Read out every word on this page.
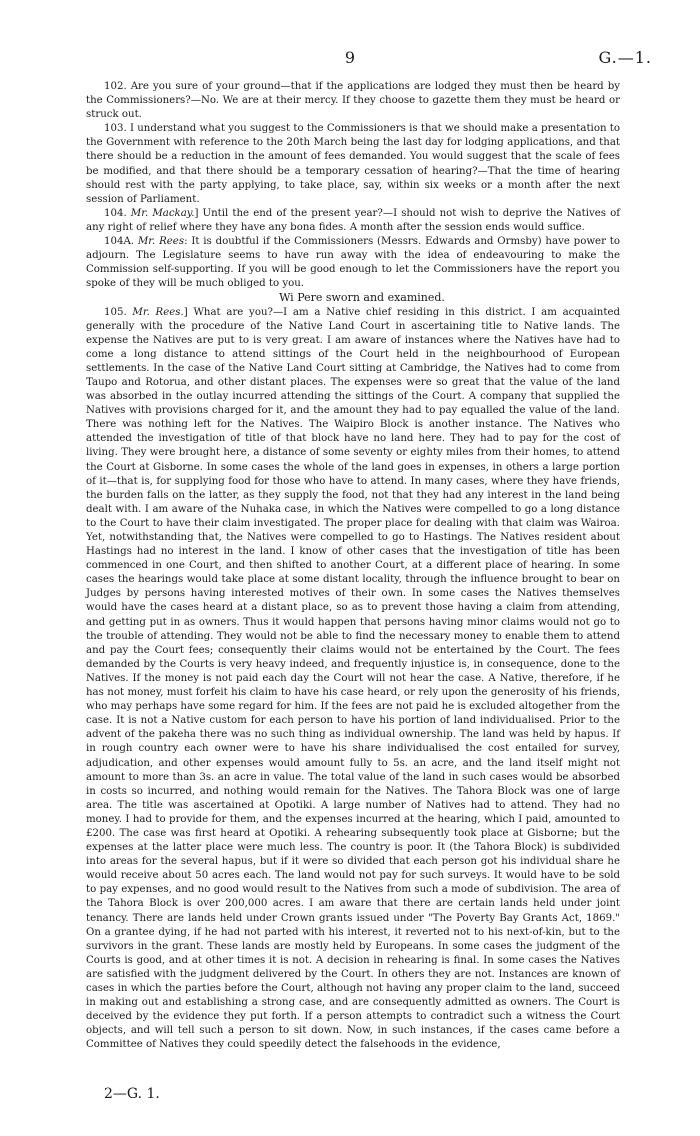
9	G.—1.

102. Are you sure of your ground—that if the applications are lodged they must then be heard by the Commissioners?—No. We are at their mercy. If they choose to gazette them they must be heard or struck out.

103. I understand what you suggest to the Commissioners is that we should make a presentation to the Government with reference to the 20th March being the last day for lodging applications, and that there should be a reduction in the amount of fees demanded. You would suggest that the scale of fees be modified, and that there should be a temporary cessation of hearing?—That the time of hearing should rest with the party applying, to take place, say, within six weeks or a month after the next session of Parliament.

104. Mr. Mackay.] Until the end of the present year?—I should not wish to deprive the Natives of any right of relief where they have any bona fides. A month after the session ends would suffice.

104A. Mr. Rees: It is doubtful if the Commissioners (Messrs. Edwards and Ormsby) have power to adjourn. The Legislature seems to have run away with the idea of endeavouring to make the Commission self-supporting. If you will be good enough to let the Commissioners have the report you spoke of they will be much obliged to you.

Wi Pere sworn and examined.

105. Mr. Rees.] What are you?—I am a Native chief residing in this district. I am acquainted generally with the procedure of the Native Land Court in ascertaining title to Native lands. The expense the Natives are put to is very great. I am aware of instances where the Natives have had to come a long distance to attend sittings of the Court held in the neighbourhood of European settlements. In the case of the Native Land Court sitting at Cambridge, the Natives had to come from Taupo and Rotorua, and other distant places. The expenses were so great that the value of the land was absorbed in the outlay incurred attending the sittings of the Court. A company that supplied the Natives with provisions charged for it, and the amount they had to pay equalled the value of the land. There was nothing left for the Natives. The Waipiro Block is another instance. The Natives who attended the investigation of title of that block have no land here. They had to pay for the cost of living. They were brought here, a distance of some seventy or eighty miles from their homes, to attend the Court at Gisborne. In some cases the whole of the land goes in expenses, in others a large portion of it—that is, for supplying food for those who have to attend. In many cases, where they have friends, the burden falls on the latter, as they supply the food, not that they had any interest in the land being dealt with. I am aware of the Nuhaka case, in which the Natives were compelled to go a long distance to the Court to have their claim investigated. The proper place for dealing with that claim was Wairoa. Yet, notwithstanding that, the Natives were compelled to go to Hastings. The Natives resident about Hastings had no interest in the land. I know of other cases that the investigation of title has been commenced in one Court, and then shifted to another Court, at a different place of hearing. In some cases the hearings would take place at some distant locality, through the influence brought to bear on Judges by persons having interested motives of their own. In some cases the Natives themselves would have the cases heard at a distant place, so as to prevent those having a claim from attending, and getting put in as owners. Thus it would happen that persons having minor claims would not go to the trouble of attending. They would not be able to find the necessary money to enable them to attend and pay the Court fees; consequently their claims would not be entertained by the Court. The fees demanded by the Courts is very heavy indeed, and frequently injustice is, in consequence, done to the Natives. If the money is not paid each day the Court will not hear the case. A Native, therefore, if he has not money, must forfeit his claim to have his case heard, or rely upon the generosity of his friends, who may perhaps have some regard for him. If the fees are not paid he is excluded altogether from the case. It is not a Native custom for each person to have his portion of land individualised. Prior to the advent of the pakeha there was no such thing as individual ownership. The land was held by hapus. If in rough country each owner were to have his share individualised the cost entailed for survey, adjudication, and other expenses would amount fully to 5s. an acre, and the land itself might not amount to more than 3s. an acre in value. The total value of the land in such cases would be absorbed in costs so incurred, and nothing would remain for the Natives. The Tahora Block was one of large area. The title was ascertained at Opotiki. A large number of Natives had to attend. They had no money. I had to provide for them, and the expenses incurred at the hearing, which I paid, amounted to £200. The case was first heard at Opotiki. A rehearing subsequently took place at Gisborne; but the expenses at the latter place were much less. The country is poor. It (the Tahora Block) is subdivided into areas for the several hapus, but if it were so divided that each person got his individual share he would receive about 50 acres each. The land would not pay for such surveys. It would have to be sold to pay expenses, and no good would result to the Natives from such a mode of subdivision. The area of the Tahora Block is over 200,000 acres. I am aware that there are certain lands held under joint tenancy. There are lands held under Crown grants issued under "The Poverty Bay Grants Act, 1869." On a grantee dying, if he had not parted with his interest, it reverted not to his next-of-kin, but to the survivors in the grant. These lands are mostly held by Europeans. In some cases the judgment of the Courts is good, and at other times it is not. A decision in rehearing is final. In some cases the Natives are satisfied with the judgment delivered by the Court. In others they are not. Instances are known of cases in which the parties before the Court, although not having any proper claim to the land, succeed in making out and establishing a strong case, and are consequently admitted as owners. The Court is deceived by the evidence they put forth. If a person attempts to contradict such a witness the Court objects, and will tell such a person to sit down. Now, in such instances, if the cases came before a Committee of Natives they could speedily detect the falsehoods in the evidence,

2—G. 1.
